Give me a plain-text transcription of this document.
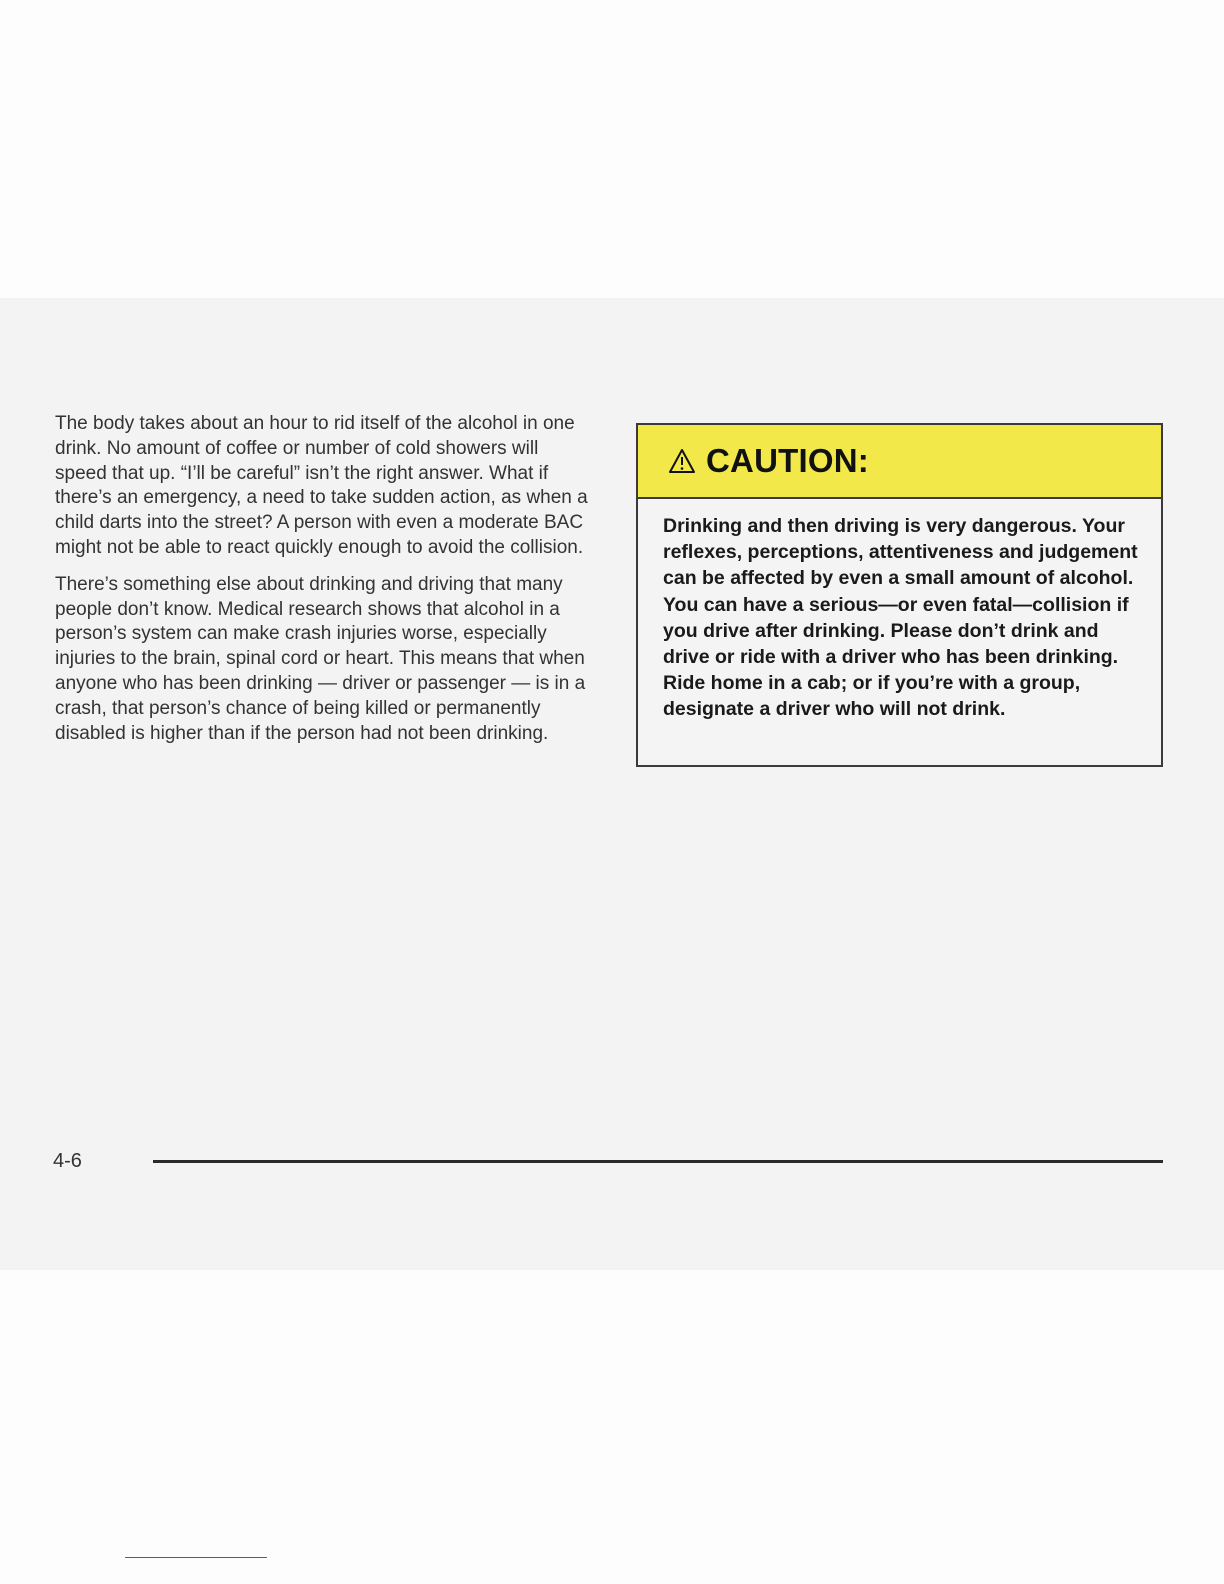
The body takes about an hour to rid itself of the alcohol in one drink. No amount of coffee or number of cold showers will speed that up. “I’ll be careful” isn’t the right answer. What if there’s an emergency, a need to take sudden action, as when a child darts into the street? A person with even a moderate BAC might not be able to react quickly enough to avoid the collision.

There’s something else about drinking and driving that many people don’t know. Medical research shows that alcohol in a person’s system can make crash injuries worse, especially injuries to the brain, spinal cord or heart. This means that when anyone who has been drinking — driver or passenger — is in a crash, that person’s chance of being killed or permanently disabled is higher than if the person had not been drinking.

CAUTION:
Drinking and then driving is very dangerous. Your reflexes, perceptions, attentiveness and judgement can be affected by even a small amount of alcohol. You can have a serious—or even fatal—collision if you drive after drinking. Please don’t drink and drive or ride with a driver who has been drinking. Ride home in a cab; or if you’re with a group, designate a driver who will not drink.
4-6
